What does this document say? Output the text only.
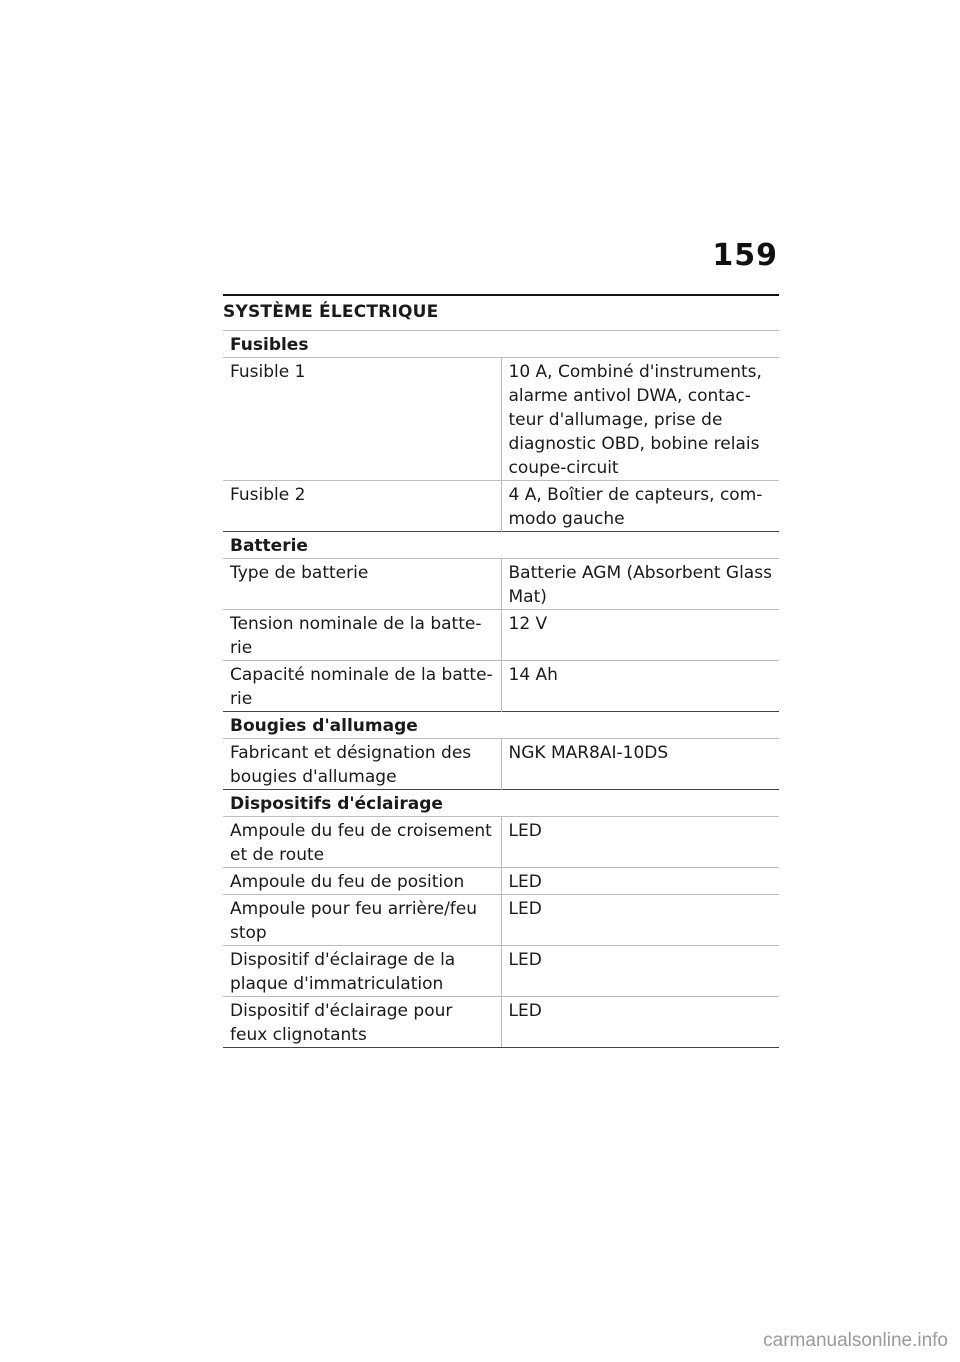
159
SYSTÈME ÉLECTRIQUE
Fusibles	
Fusible 1	10 A, Combiné d'instruments, alarme antivol DWA, contac-teur d'allumage, prise de diagnostic OBD, bobine relais coupe-circuit
Fusible 2	4 A, Boîtier de capteurs, com-modo gauche
Batterie	
Type de batterie	Batterie AGM (Absorbent Glass Mat)
Tension nominale de la batte-rie	12 V
Capacité nominale de la batte-rie	14 Ah
Bougies d'allumage	
Fabricant et désignation des bougies d'allumage	NGK MAR8AI-10DS
Dispositifs d'éclairage	
Ampoule du feu de croisement et de route	LED
Ampoule du feu de position	LED
Ampoule pour feu arrière/feu stop	LED
Dispositif d'éclairage de la plaque d'immatriculation	LED
Dispositif d'éclairage pour feux clignotants	LED
carmanualsonline.info
